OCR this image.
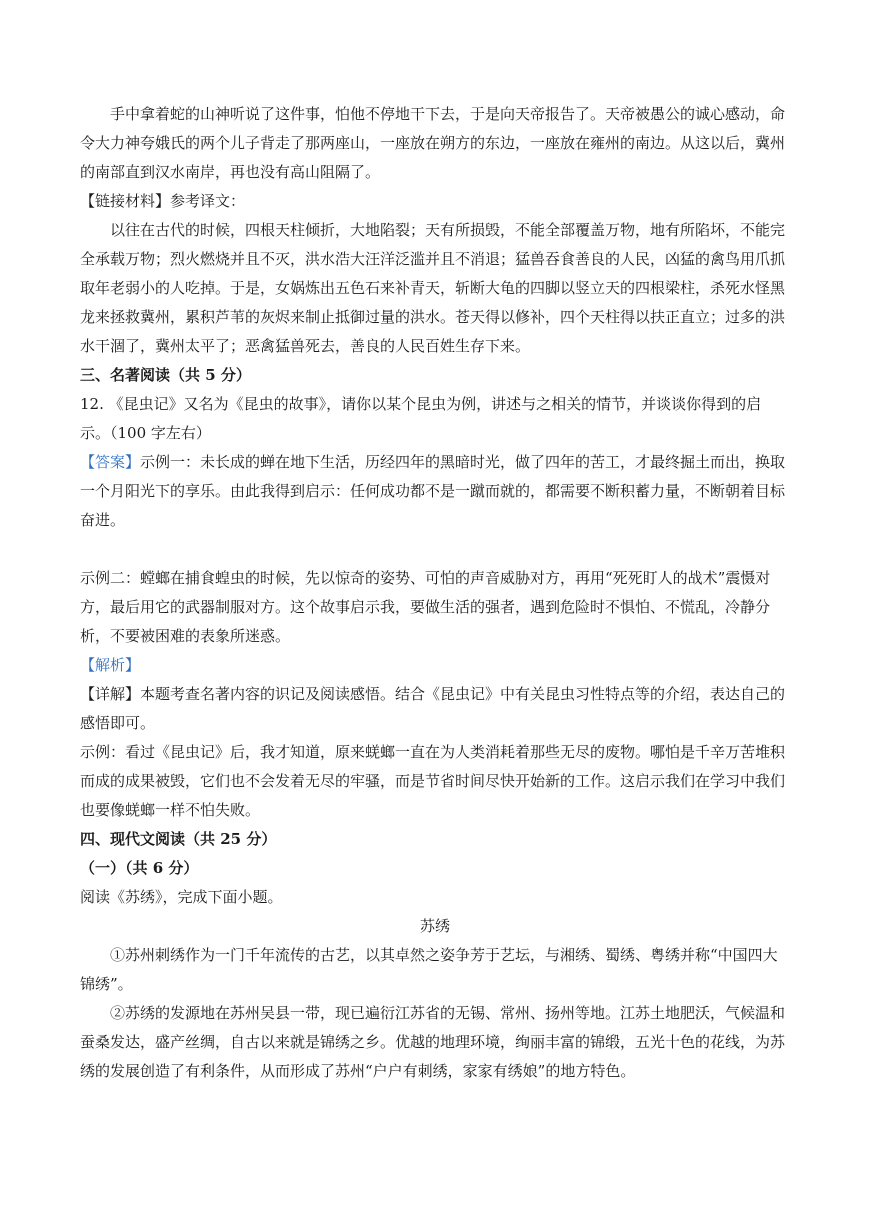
手中拿着蛇的山神听说了这件事，怕他不停地干下去，于是向天帝报告了。天帝被愚公的诚心感动，命令大力神夸娥氏的两个儿子背走了那两座山，一座放在朔方的东边，一座放在雍州的南边。从这以后，冀州的南部直到汉水南岸，再也没有高山阻隔了。

【链接材料】参考译文：

以往在古代的时候，四根天柱倾折，大地陷裂；天有所损毁，不能全部覆盖万物，地有所陷坏，不能完全承载万物；烈火燃烧并且不灭，洪水浩大汪洋泛滥并且不消退；猛兽吞食善良的人民，凶猛的禽鸟用爪抓取年老弱小的人吃掉。于是，女娲炼出五色石来补青天，斩断大龟的四脚以竖立天的四根梁柱，杀死水怪黑龙来拯救冀州，累积芦苇的灰烬来制止抵御过量的洪水。苍天得以修补，四个天柱得以扶正直立；过多的洪水干涸了，冀州太平了；恶禽猛兽死去，善良的人民百姓生存下来。

三、名著阅读（共 5 分）

12. 《昆虫记》又名为《昆虫的故事》，请你以某个昆虫为例，讲述与之相关的情节，并谈谈你得到的启示。（100 字左右）

【答案】示例一：未长成的蝉在地下生活，历经四年的黑暗时光，做了四年的苦工，才最终掘土而出，换取一个月阳光下的享乐。由此我得到启示：任何成功都不是一蹴而就的，都需要不断积蓄力量，不断朝着目标奋进。

示例二：螳螂在捕食蝗虫的时候，先以惊奇的姿势、可怕的声音威胁对方，再用“死死盯人的战术”震慑对方，最后用它的武器制服对方。这个故事启示我，要做生活的强者，遇到危险时不惧怕、不慌乱，冷静分析，不要被困难的表象所迷惑。

【解析】

【详解】本题考查名著内容的识记及阅读感悟。结合《昆虫记》中有关昆虫习性特点等的介绍，表达自己的感悟即可。

示例：看过《昆虫记》后，我才知道，原来蜣螂一直在为人类消耗着那些无尽的废物。哪怕是千辛万苦堆积而成的成果被毁，它们也不会发着无尽的牢骚，而是节省时间尽快开始新的工作。这启示我们在学习中我们也要像蜣螂一样不怕失败。

四、现代文阅读（共 25 分）

（一）（共 6 分）

阅读《苏绣》，完成下面小题。

苏绣

①苏州刺绣作为一门千年流传的古艺，以其卓然之姿争芳于艺坛，与湘绣、蜀绣、粤绣并称“中国四大锦绣”。

②苏绣的发源地在苏州吴县一带，现已遍衍江苏省的无锡、常州、扬州等地。江苏土地肥沃，气候温和蚕桑发达，盛产丝绸，自古以来就是锦绣之乡。优越的地理环境，绚丽丰富的锦缎，五光十色的花线，为苏绣的发展创造了有利条件，从而形成了苏州“户户有刺绣，家家有绣娘”的地方特色。
